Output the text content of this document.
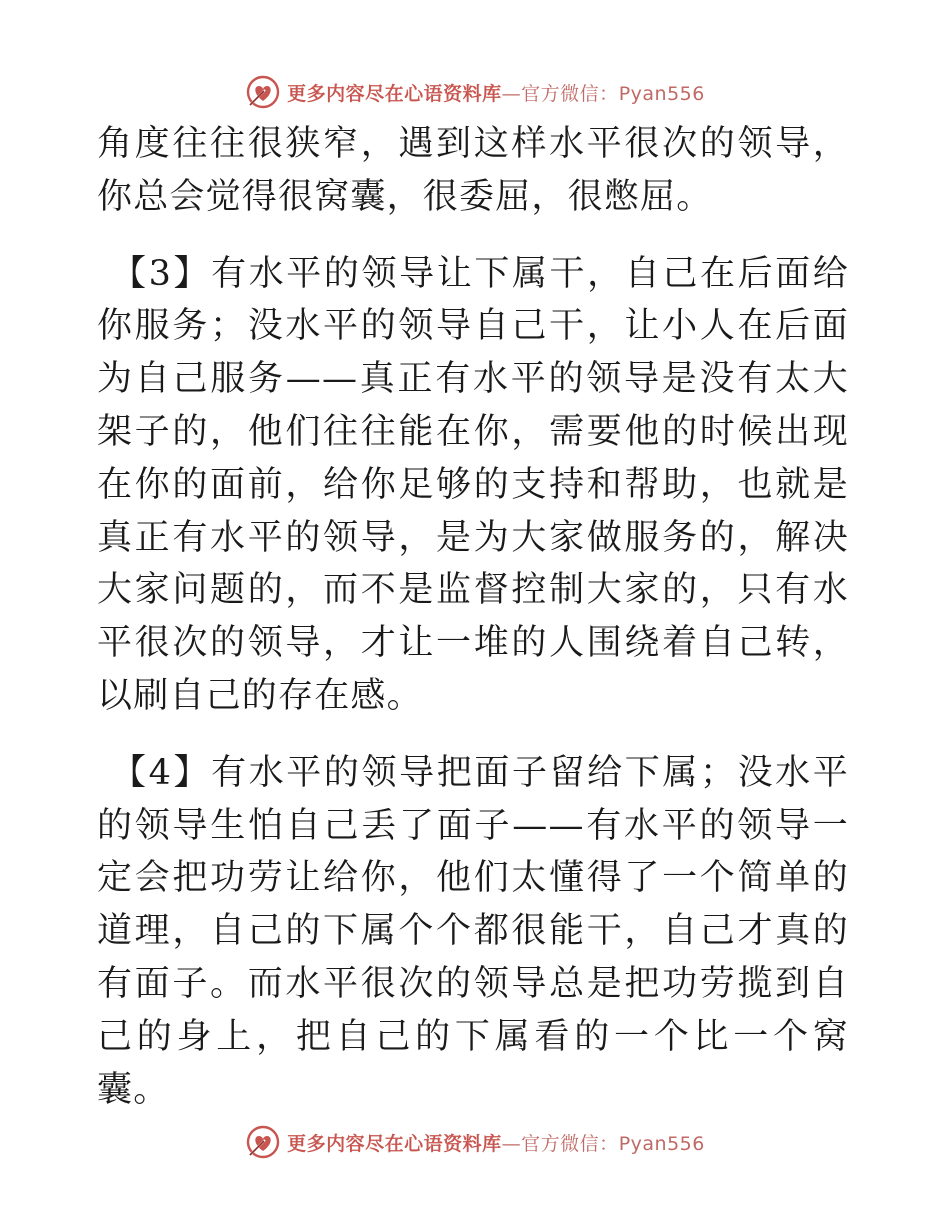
更多内容尽在心语资料库—官方微信：Pyan556

角度往往很狭窄，遇到这样水平很次的领导，你总会觉得很窝囊，很委屈，很憋屈。

【3】有水平的领导让下属干，自己在后面给你服务；没水平的领导自己干，让小人在后面为自己服务——真正有水平的领导是没有太大架子的，他们往往能在你，需要他的时候出现在你的面前，给你足够的支持和帮助，也就是真正有水平的领导，是为大家做服务的，解决大家问题的，而不是监督控制大家的，只有水平很次的领导，才让一堆的人围绕着自己转，以刷自己的存在感。

【4】有水平的领导把面子留给下属；没水平的领导生怕自己丢了面子——有水平的领导一定会把功劳让给你，他们太懂得了一个简单的道理，自己的下属个个都很能干，自己才真的有面子。而水平很次的领导总是把功劳揽到自己的身上，把自己的下属看的一个比一个窝囊。

更多内容尽在心语资料库—官方微信：Pyan556
